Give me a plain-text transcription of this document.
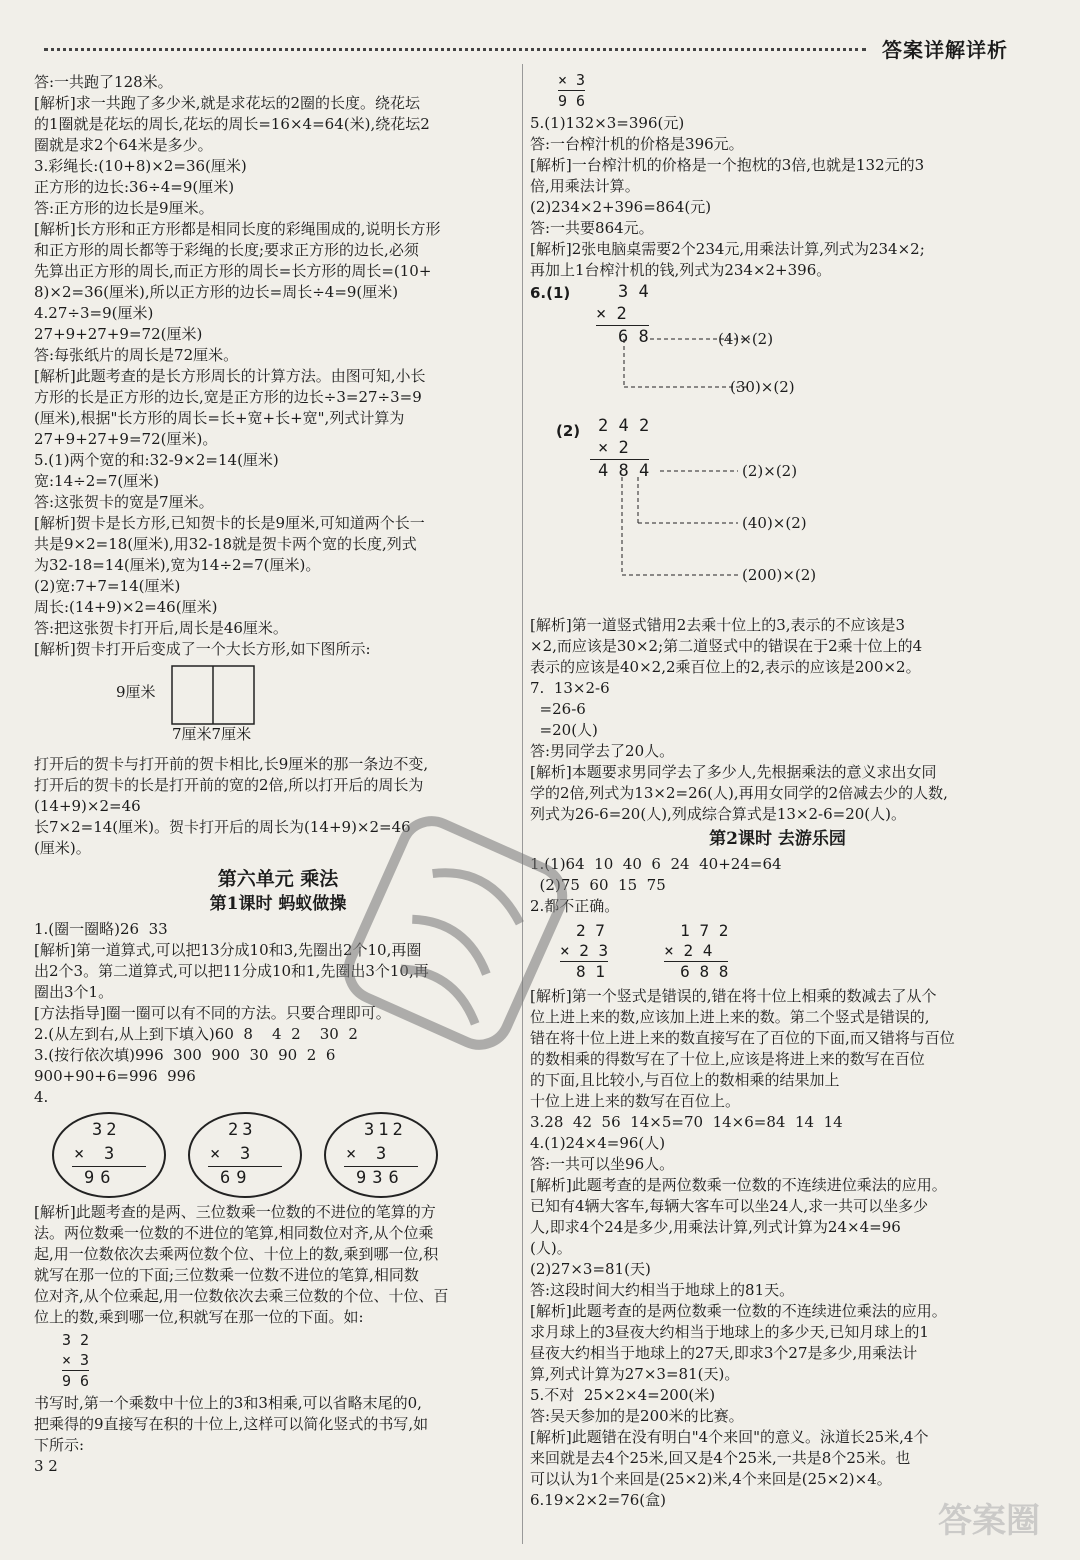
答案详解详析
答:一共跑了128米。
[解析]求一共跑了多少米,就是求花坛的2圈的长度。绕花坛
的1圈就是花坛的周长,花坛的周长=16×4=64(米),绕花坛2
圈就是求2个64米是多少。
3.彩绳长:(10+8)×2=36(厘米)
正方形的边长:36÷4=9(厘米)
答:正方形的边长是9厘米。
[解析]长方形和正方形都是相同长度的彩绳围成的,说明长方形
和正方形的周长都等于彩绳的长度;要求正方形的边长,必须
先算出正方形的周长,而正方形的周长=长方形的周长=(10+
8)×2=36(厘米),所以正方形的边长=周长÷4=9(厘米)
4.27÷3=9(厘米)
27+9+27+9=72(厘米)
答:每张纸片的周长是72厘米。
[解析]此题考查的是长方形周长的计算方法。由图可知,小长
方形的长是正方形的边长,宽是正方形的边长÷3=27÷3=9
(厘米),根据"长方形的周长=长+宽+长+宽",列式计算为
27+9+27+9=72(厘米)。
5.(1)两个宽的和:32-9×2=14(厘米)
宽:14÷2=7(厘米)
答:这张贺卡的宽是7厘米。
[解析]贺卡是长方形,已知贺卡的长是9厘米,可知道两个长一
共是9×2=18(厘米),用32-18就是贺卡两个宽的长度,列式
为32-18=14(厘米),宽为14÷2=7(厘米)。
(2)宽:7+7=14(厘米)
周长:(14+9)×2=46(厘米)
答:把这张贺卡打开后,周长是46厘米。
[解析]贺卡打开后变成了一个大长方形,如下图所示:
9厘米
7厘米7厘米
打开后的贺卡与打开前的贺卡相比,长9厘米的那一条边不变,
打开后的贺卡的长是打开前的宽的2倍,所以打开后的周长为(14+9)×2=46
长7×2=14(厘米)。贺卡打开后的周长为(14+9)×2=46
(厘米)。
第六单元 乘法
第1课时 蚂蚁做操
1.(圈一圈略)26  33
[解析]第一道算式,可以把13分成10和3,先圈出2个10,再圈
出2个3。第二道算式,可以把11分成10和1,先圈出3个10,再
圈出3个1。
[方法指导]圈一圈可以有不同的方法。只要合理即可。
2.(从左到右,从上到下填入)60  8    4  2    30  2
3.(按行依次填)996  300  900  30  90  2  6
900+90+6=996  996
4.
32
× 3
96
23
× 3
69
312
× 3
936
[解析]此题考查的是两、三位数乘一位数的不进位的笔算的方
法。两位数乘一位数的不进位的笔算,相同数位对齐,从个位乘
起,用一位数依次去乘两位数个位、十位上的数,乘到哪一位,积
就写在那一位的下面;三位数乘一位数不进位的笔算,相同数
位对齐,从个位乘起,用一位数依次去乘三位数的个位、十位、百
位上的数,乘到哪一位,积就写在那一位的下面。如:
3 2
× 3
9 6
书写时,第一个乘数中十位上的3和3相乘,可以省略末尾的0,
把乘得的9直接写在积的十位上,这样可以简化竖式的书写,如
下所示:
3 2
× 3
9 6
5.(1)132×3=396(元)
答:一台榨汁机的价格是396元。
[解析]一台榨汁机的价格是一个抱枕的3倍,也就是132元的3
倍,用乘法计算。
(2)234×2+396=864(元)
答:一共要864元。
[解析]2张电脑桌需要2个234元,用乘法计算,列式为234×2;
再加上1台榨汁机的钱,列式为234×2+396。
6.(1)	3 4
× 2
6 8	(4)×(2)
(30)×(2)
(2)	2 4 2
× 2
4 8 4	(2)×(2)
(40)×(2)
(200)×(2)
[解析]第一道竖式错用2去乘十位上的3,表示的不应该是3
×2,而应该是30×2;第二道竖式中的错误在于2乘十位上的4
表示的应该是40×2,2乘百位上的2,表示的应该是200×2。
7.  13×2-6
=26-6
=20(人)
答:男同学去了20人。
[解析]本题要求男同学去了多少人,先根据乘法的意义求出女同
学的2倍,列式为13×2=26(人),再用女同学的2倍减去少的人数,
列式为26-6=20(人),列成综合算式是13×2-6=20(人)。
第2课时 去游乐园
1.(1)64  10  40  6  24  40+24=64
(2)75  60  15  75
2.都不正确。
2 7
× 2 3
8 1
1 7 2
× 2 4
6 8 8
[解析]第一个竖式是错误的,错在将十位上相乘的数减去了从个
位上进上来的数,应该加上进上来的数。第二个竖式是错误的,
错在将十位上进上来的数直接写在了百位的下面,而又错将与百位
的数相乘的得数写在了十位上,应该是将进上来的数写在百位
的下面,且比较小,与百位上的数相乘的结果加上
十位上进上来的数写在百位上。
3.28  42  56  14×5=70  14×6=84  14  14
4.(1)24×4=96(人)
答:一共可以坐96人。
[解析]此题考查的是两位数乘一位数的不连续进位乘法的应用。
已知有4辆大客车,每辆大客车可以坐24人,求一共可以坐多少
人,即求4个24是多少,用乘法计算,列式计算为24×4=96
(人)。
(2)27×3=81(天)
答:这段时间大约相当于地球上的81天。
[解析]此题考查的是两位数乘一位数的不连续进位乘法的应用。
求月球上的3昼夜大约相当于地球上的多少天,已知月球上的1
昼夜大约相当于地球上的27天,即求3个27是多少,用乘法计
算,列式计算为27×3=81(天)。
5.不对  25×2×4=200(米)
答:吴天参加的是200米的比赛。
[解析]此题错在没有明白"4个来回"的意义。泳道长25米,4个
来回就是去4个25米,回又是4个25米,一共是8个25米。也
可以认为1个来回是(25×2)米,4个来回是(25×2)×4。
6.19×2×2=76(盒)
答案圈
